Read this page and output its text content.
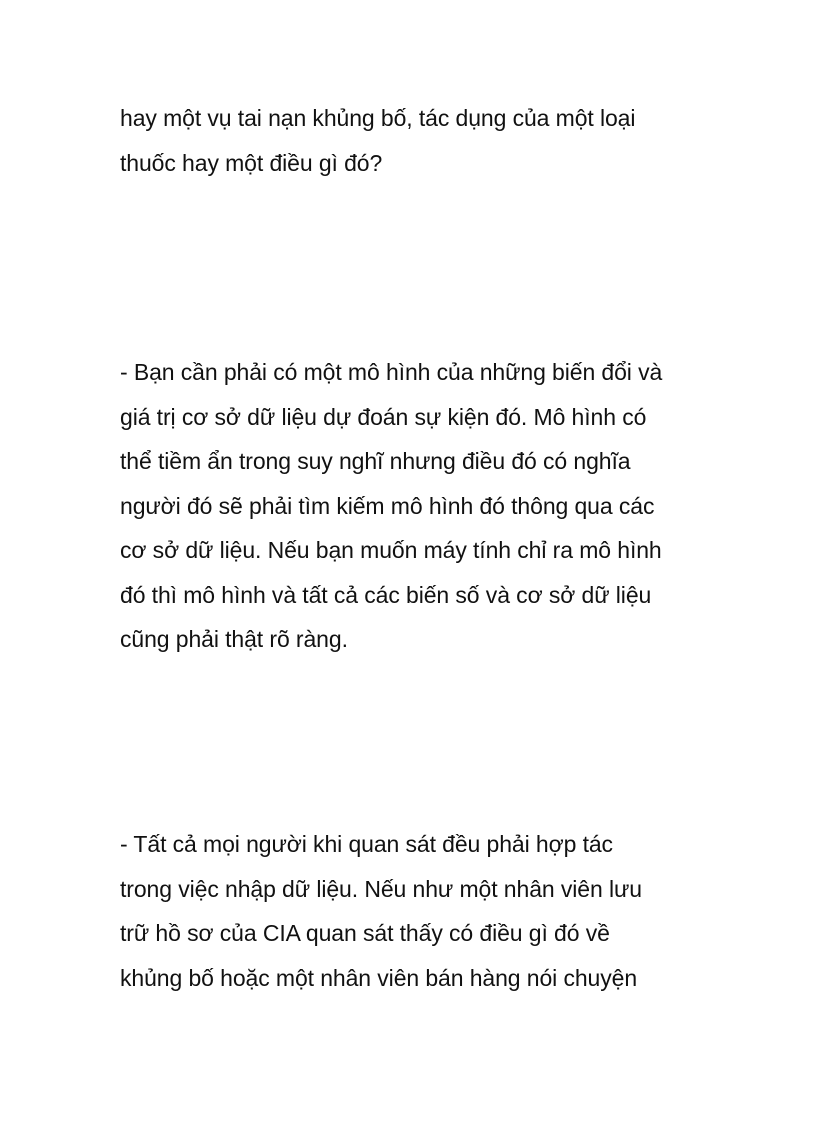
hay một vụ tai nạn khủng bố, tác dụng của một loại
thuốc hay một điều gì đó?

- Bạn cần phải có một mô hình của những biến đổi và
giá trị cơ sở dữ liệu dự đoán sự kiện đó. Mô hình có
thể tiềm ẩn trong suy nghĩ nhưng điều đó có nghĩa
người đó sẽ phải tìm kiếm mô hình đó thông qua các
cơ sở dữ liệu. Nếu bạn muốn máy tính chỉ ra mô hình
đó thì mô hình và tất cả các biến số và cơ sở dữ liệu
cũng phải thật rõ ràng.

- Tất cả mọi người khi quan sát đều phải hợp tác
trong việc nhập dữ liệu. Nếu như một nhân viên lưu
trữ hồ sơ của CIA quan sát thấy có điều gì đó về
khủng bố hoặc một nhân viên bán hàng nói chuyện
